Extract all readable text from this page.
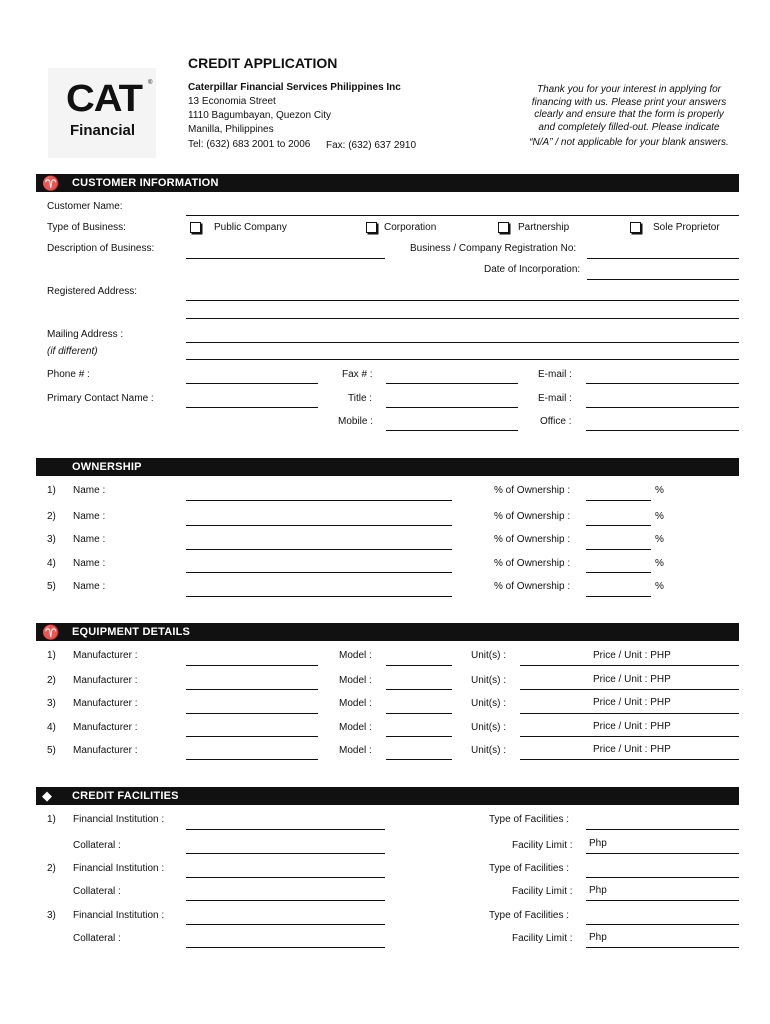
CAT ®
Financial
CREDIT APPLICATION
Caterpillar Financial Services Philippines Inc
13 Economia Street
1110 Bagumbayan, Quezon City
Manilla, Philippines
Tel: (632) 683 2001 to 2006 Fax: (632) 637 2910
Thank you for your interest in applying for
financing with us. Please print your answers
clearly and ensure that the form is properly
and completely filled-out. Please indicate
“N/A” / not applicable for your blank answers.
♈ CUSTOMER INFORMATION
Customer Name:
Type of Business:	Public Company	Corporation	Partnership	Sole Proprietor
Description of Business:	Business / Company Registration No:
Date of Incorporation:
Registered Address:
Mailing Address :
(if different)
Phone # :	Fax # :	E-mail :
Primary Contact Name :	Title :	E-mail :
Mobile :	Office :
OWNERSHIP
1) Name :	% of Ownership :	%
2) Name :	% of Ownership :	%
3) Name :	% of Ownership :	%
4) Name :	% of Ownership :	%
5) Name :	% of Ownership :	%
♈ EQUIPMENT DETAILS
1) Manufacturer :	Model :	Unit(s) :	Price / Unit : PHP
2) Manufacturer :	Model :	Unit(s) :	Price / Unit : PHP
3) Manufacturer :	Model :	Unit(s) :	Price / Unit : PHP
4) Manufacturer :	Model :	Unit(s) :	Price / Unit : PHP
5) Manufacturer :	Model :	Unit(s) :	Price / Unit : PHP
◆ CREDIT FACILITIES
1) Financial Institution :	Type of Facilities :
Collateral :	Facility Limit : Php
2) Financial Institution :	Type of Facilities :
Collateral :	Facility Limit : Php
3) Financial Institution :	Type of Facilities :
Collateral :	Facility Limit : Php
